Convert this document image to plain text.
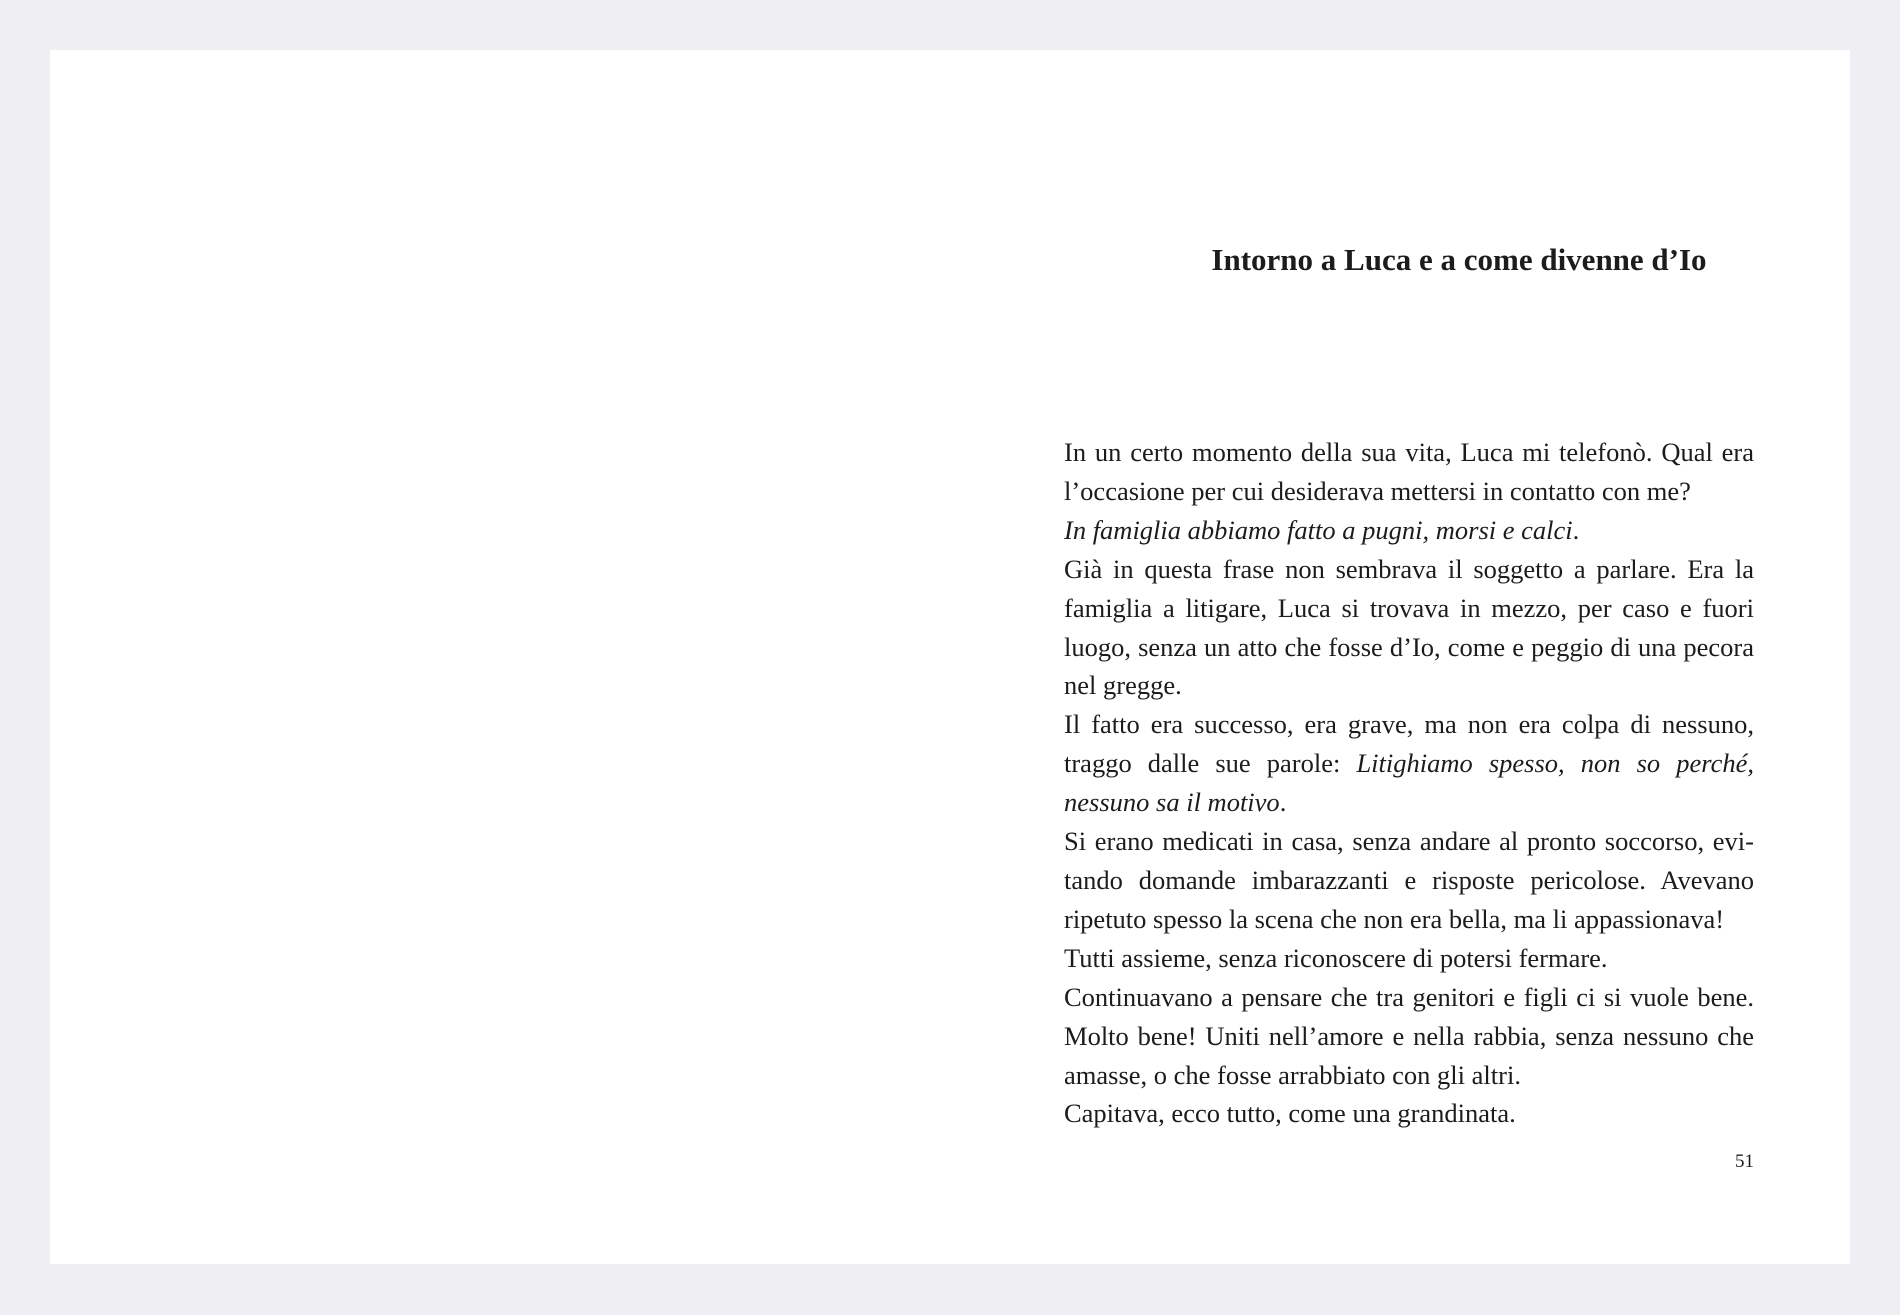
Intorno a Luca e a come divenne d’Io

In un certo momento della sua vita, Luca mi telefonò. Qual era l’occasione per cui desiderava mettersi in contatto con me?

In famiglia abbiamo fatto a pugni, morsi e calci.

Già in questa frase non sembrava il soggetto a parlare. Era la famiglia a litigare, Luca si trovava in mezzo, per caso e fuori luogo, senza un atto che fosse d’Io, come e peggio di una pecora nel gregge.

Il fatto era successo, era grave, ma non era colpa di nessuno, traggo dalle sue parole: Litighiamo spesso, non so perché, nessuno sa il motivo.

Si erano medicati in casa, senza andare al pronto soccorso, evitando domande imbarazzanti e risposte pericolose. Avevano ripetuto spesso la scena che non era bella, ma li appassionava!

Tutti assieme, senza riconoscere di potersi fermare.

Continuavano a pensare che tra genitori e figli ci si vuole bene. Molto bene! Uniti nell’amore e nella rabbia, senza nessuno che amasse, o che fosse arrabbiato con gli altri.

Capitava, ecco tutto, come una grandinata.

51
